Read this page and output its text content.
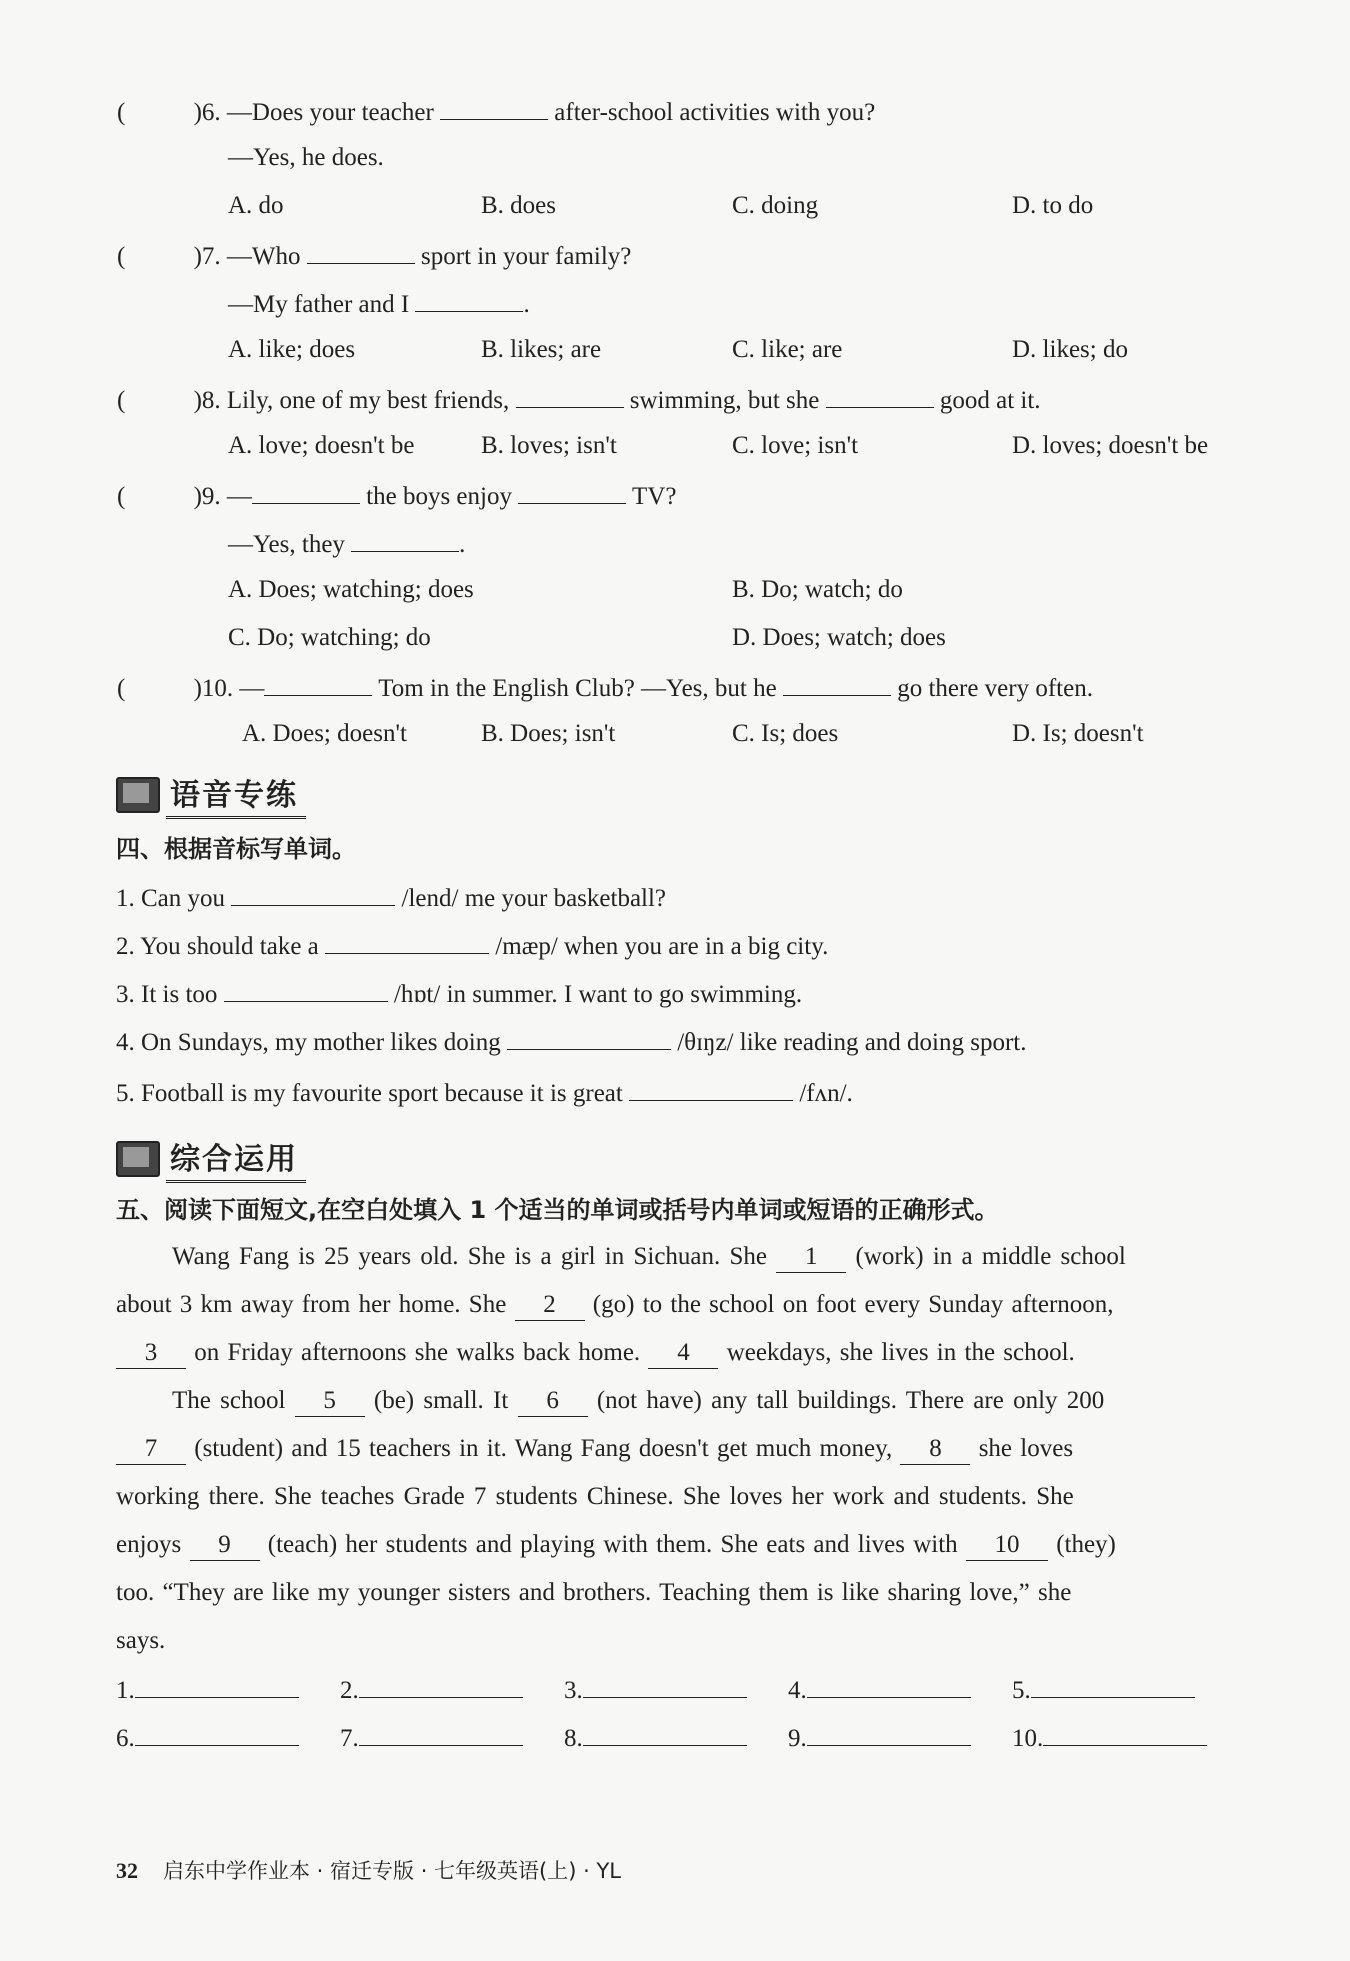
(	)6. —Does your teacher	after-school activities with you?
—Yes, he does.
A. do	B. does	C. doing	D. to do
(	)7. —Who	sport in your family?
—My father and I	.
A. like; does	B. likes; are	C. like; are	D. likes; do
(	)8. Lily, one of my best friends,	swimming, but she	good at it.
A. love; doesn't be	B. loves; isn't	C. love; isn't	D. loves; doesn't be
(	)9. —	the boys enjoy	TV?
—Yes, they	.
A. Does; watching; does	B. Do; watch; do
C. Do; watching; do	D. Does; watch; does
(	)10. —	Tom in the English Club? —Yes, but he	go there very often.
A. Does; doesn't	B. Does; isn't	C. Is; does	D. Is; doesn't
语音专练
四、根据音标写单词。
1. Can you	/lend/ me your basketball?
2. You should take a	/mæp/ when you are in a big city.
3. It is too	/hɒt/ in summer. I want to go swimming.
4. On Sundays, my mother likes doing	/θɪŋz/ like reading and doing sport.
5. Football is my favourite sport because it is great	/fʌn/.
综合运用
五、阅读下面短文,在空白处填入 1 个适当的单词或括号内单词或短语的正确形式。
Wang Fang is 25 years old. She is a girl in Sichuan. She 1 (work) in a middle school
about 3 km away from her home. She 2 (go) to the school on foot every Sunday afternoon,
3 on Friday afternoons she walks back home. 4 weekdays, she lives in the school.
The school 5 (be) small. It 6 (not have) any tall buildings. There are only 200
7 (student) and 15 teachers in it. Wang Fang doesn't get much money, 8 she loves
working there. She teaches Grade 7 students Chinese. She loves her work and students. She
enjoys 9 (teach) her students and playing with them. She eats and lives with 10 (they)
too. “They are like my younger sisters and brothers. Teaching them is like sharing love,” she
says.
1.	2.	3.	4.	5.
6.	7.	8.	9.	10.
32 启东中学作业本 · 宿迁专版 · 七年级英语(上) · YL
